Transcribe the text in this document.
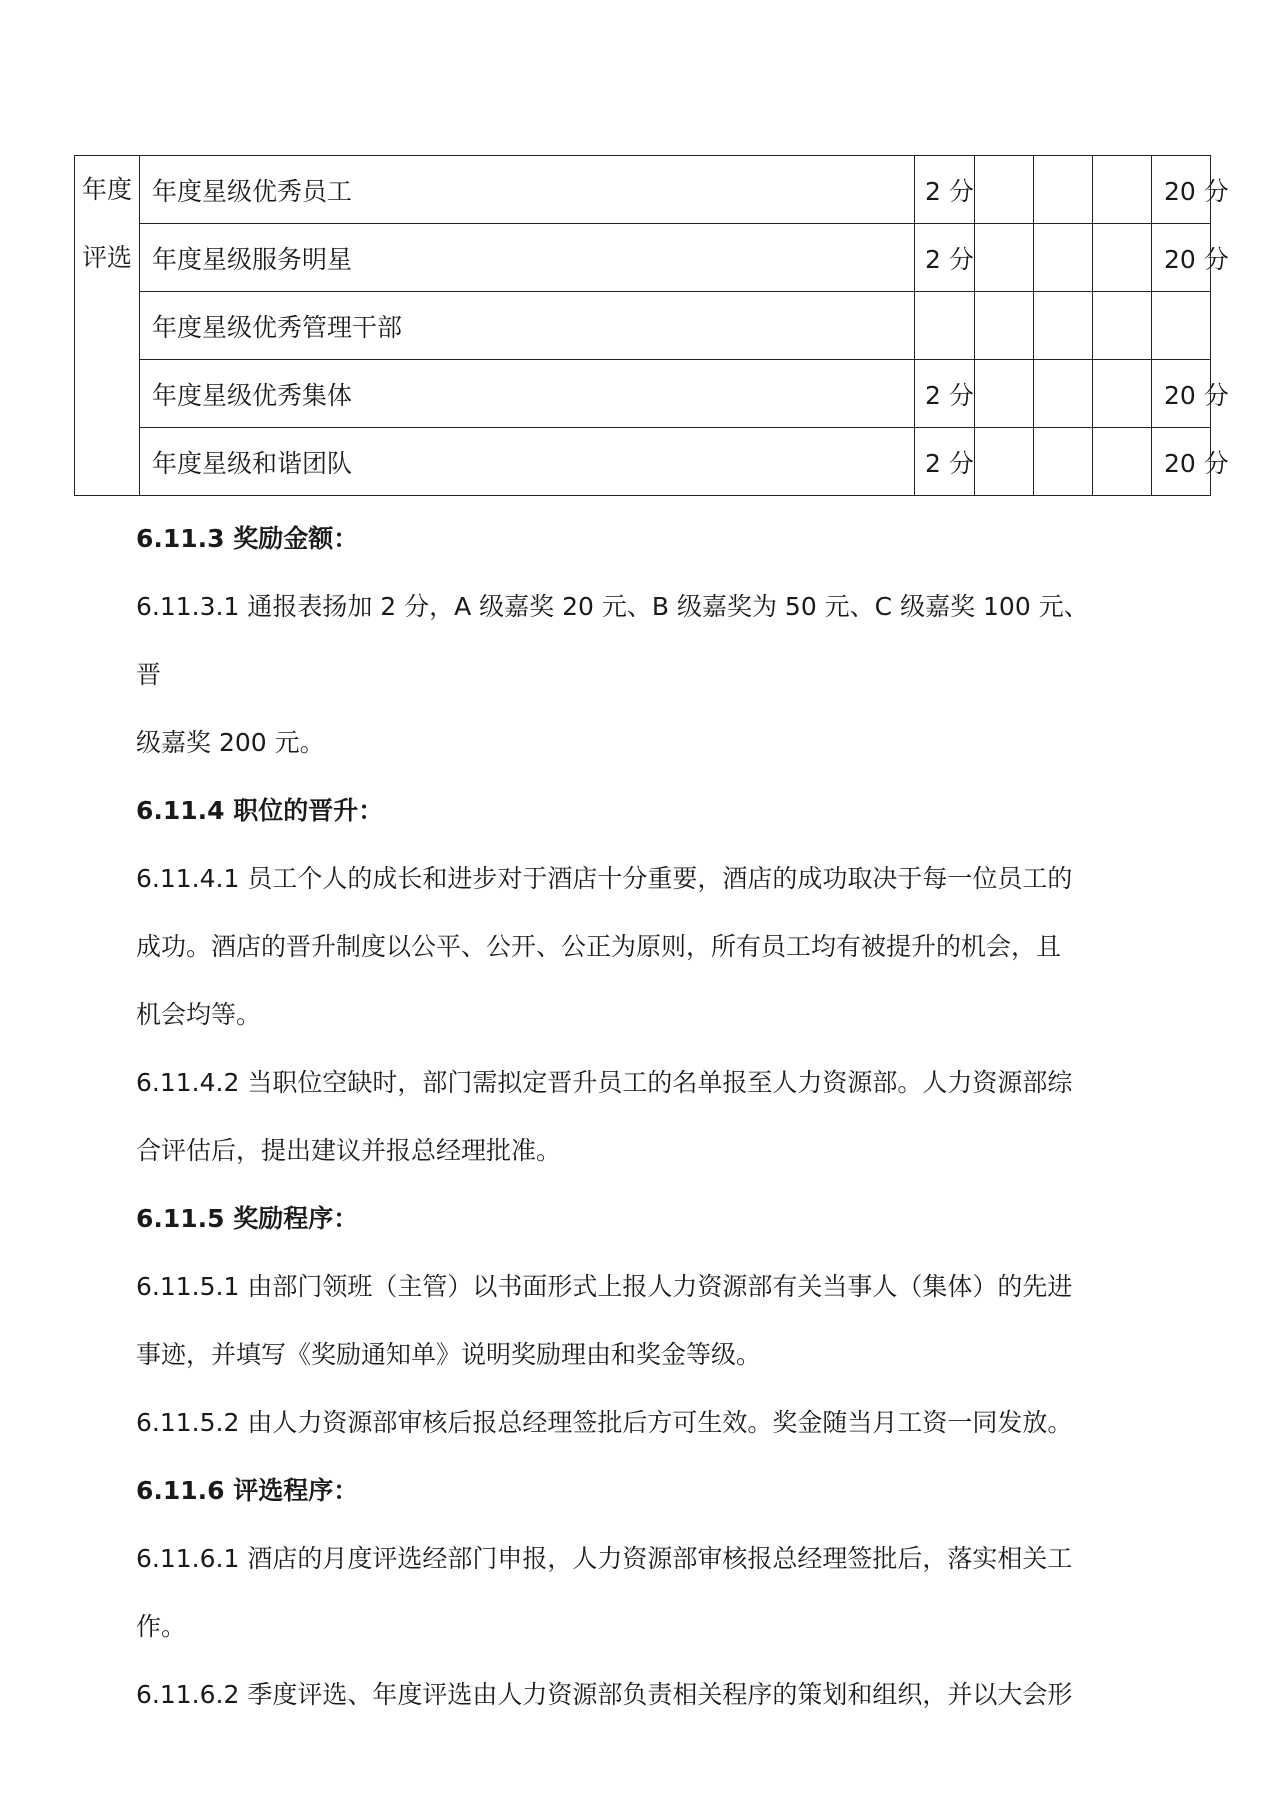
年度
评选	年度星级优秀员工	2 分				20 分
	年度星级服务明星	2 分				20 分
	年度星级优秀管理干部					
	年度星级优秀集体	2 分				20 分
	年度星级和谐团队	2 分				20 分

6.11.3 奖励金额：

6.11.3.1 通报表扬加 2 分，A 级嘉奖 20 元、B 级嘉奖为 50 元、C 级嘉奖 100 元、晋

级嘉奖 200 元。

6.11.4 职位的晋升：

6.11.4.1 员工个人的成长和进步对于酒店十分重要，酒店的成功取决于每一位员工的

成功。酒店的晋升制度以公平、公开、公正为原则，所有员工均有被提升的机会，且

机会均等。

6.11.4.2 当职位空缺时，部门需拟定晋升员工的名单报至人力资源部。人力资源部综

合评估后，提出建议并报总经理批准。

6.11.5 奖励程序：

6.11.5.1 由部门领班（主管）以书面形式上报人力资源部有关当事人（集体）的先进

事迹，并填写《奖励通知单》说明奖励理由和奖金等级。

6.11.5.2 由人力资源部审核后报总经理签批后方可生效。奖金随当月工资一同发放。

6.11.6 评选程序：

6.11.6.1 酒店的月度评选经部门申报，人力资源部审核报总经理签批后，落实相关工

作。

6.11.6.2 季度评选、年度评选由人力资源部负责相关程序的策划和组织，并以大会形
